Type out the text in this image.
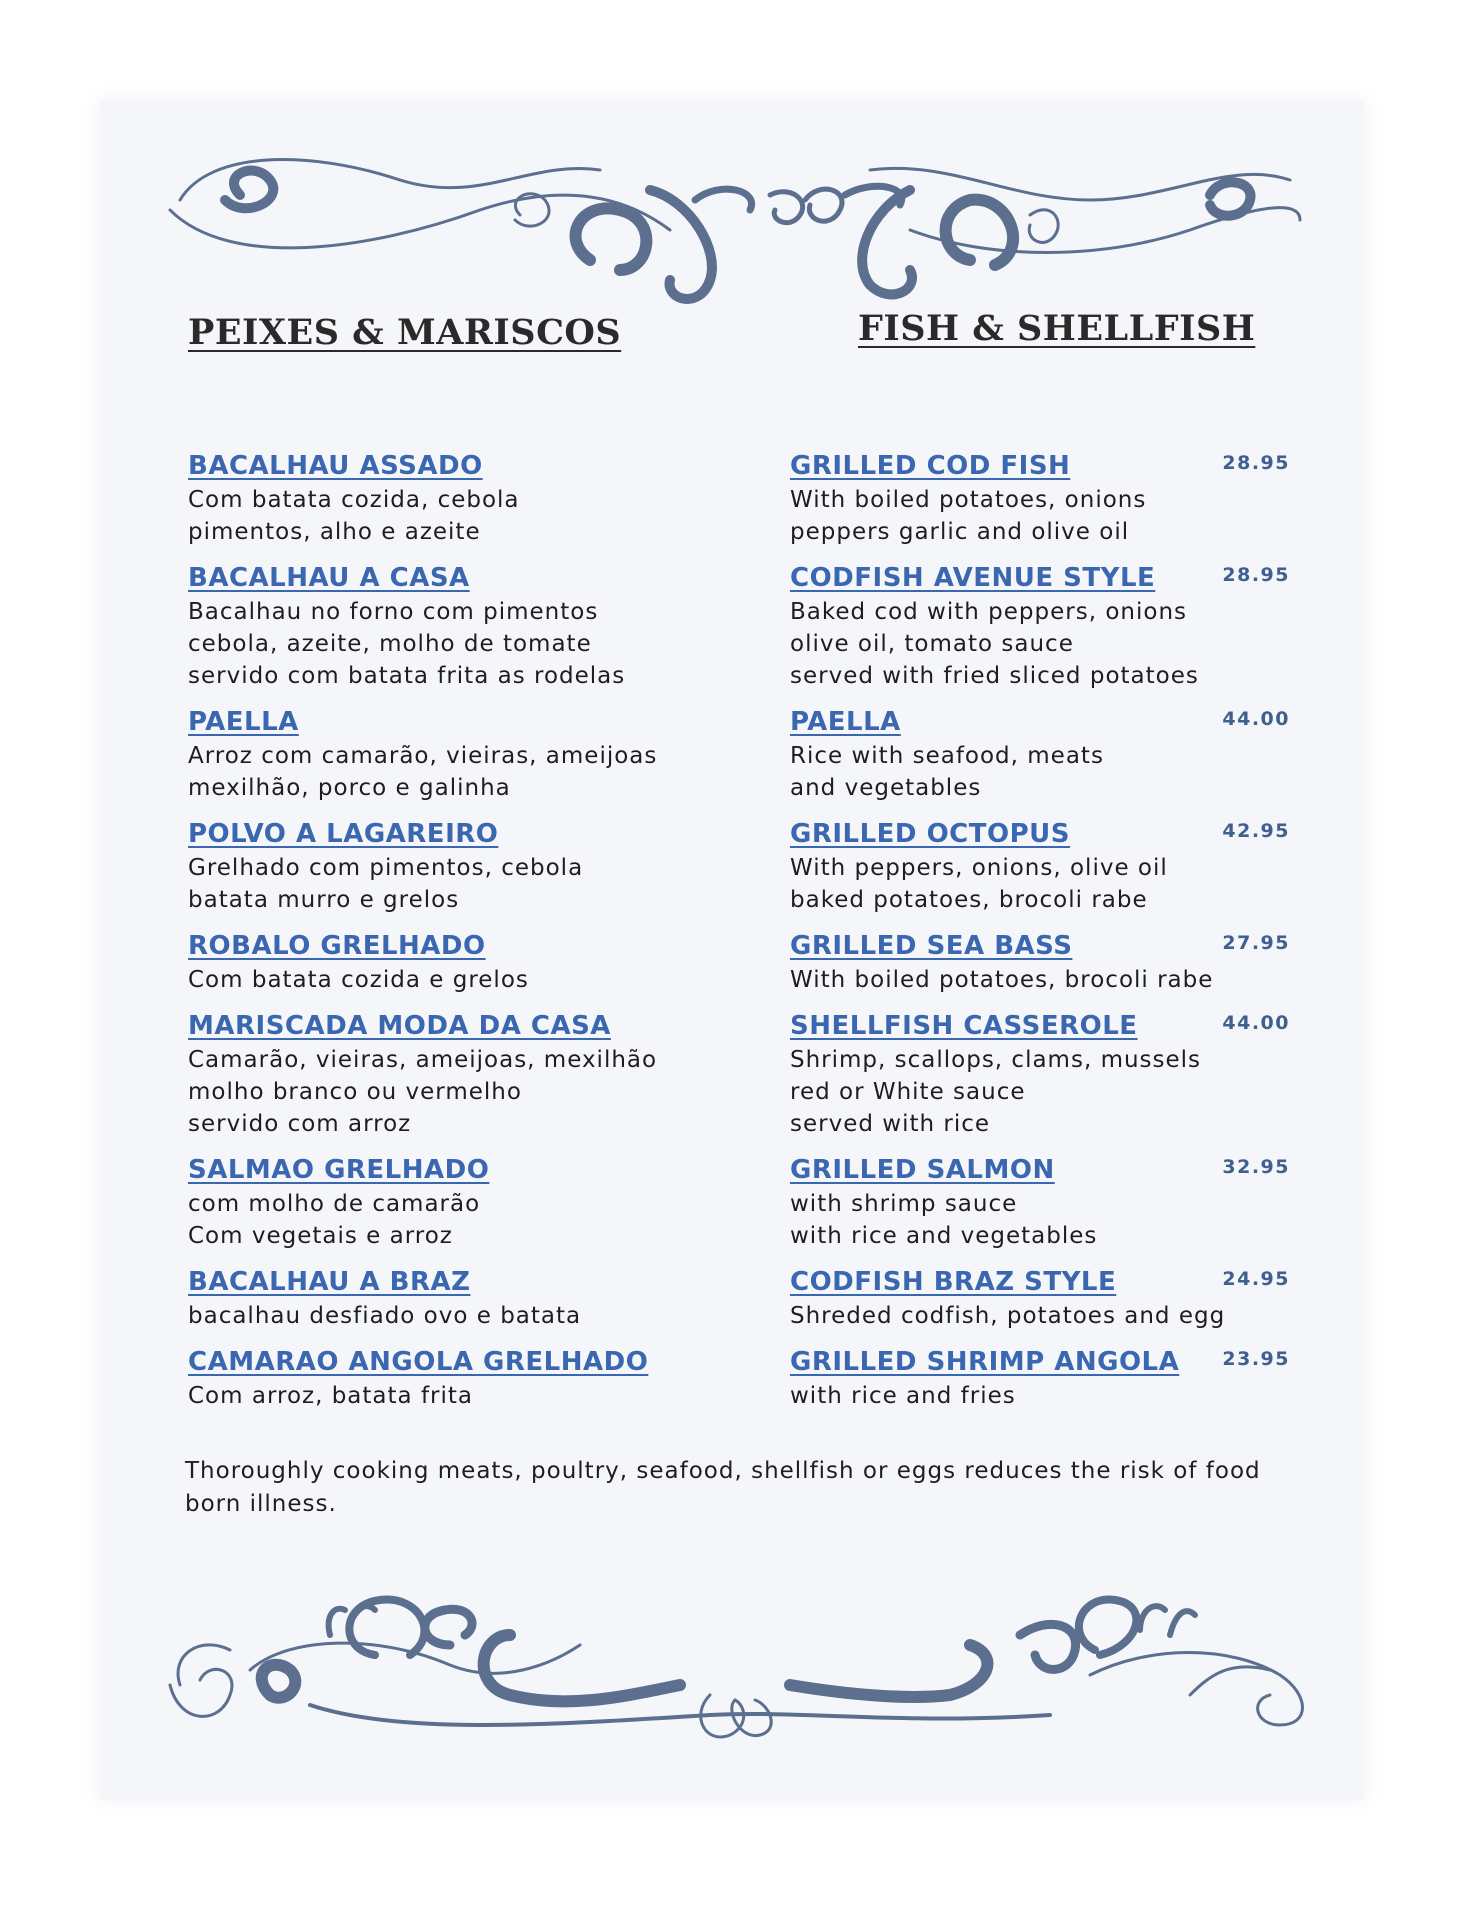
PEIXES & MARISCOS	FISH & SHELLFISH
BACALHAU ASSADO
Com batata cozida, cebola
pimentos, alho e azeite
BACALHAU A CASA
Bacalhau no forno com pimentos
cebola, azeite, molho de tomate
servido com batata frita as rodelas
PAELLA
Arroz com camarão, vieiras, ameijoas
mexilhão, porco e galinha
POLVO A LAGAREIRO
Grelhado com pimentos, cebola
batata murro e grelos
ROBALO GRELHADO
Com batata cozida e grelos
MARISCADA MODA DA CASA
Camarão, vieiras, ameijoas, mexilhão
molho branco ou vermelho
servido com arroz
SALMAO GRELHADO
com molho de camarão
Com vegetais e arroz
BACALHAU A BRAZ
bacalhau desfiado ovo e batata
CAMARAO ANGOLA GRELHADO
Com arroz, batata frita
GRILLED COD FISH	28.95
With boiled potatoes, onions
peppers garlic and olive oil
CODFISH AVENUE STYLE	28.95
Baked cod with peppers, onions
olive oil, tomato sauce
served with fried sliced potatoes
PAELLA	44.00
Rice with seafood, meats
and vegetables
GRILLED OCTOPUS	42.95
With peppers, onions, olive oil
baked potatoes, brocoli rabe
GRILLED SEA BASS	27.95
With boiled potatoes, brocoli rabe
SHELLFISH CASSEROLE	44.00
Shrimp, scallops, clams, mussels
red or White sauce
served with rice
GRILLED SALMON	32.95
with shrimp sauce
with rice and vegetables
CODFISH BRAZ STYLE	24.95
Shreded codfish, potatoes and egg
GRILLED SHRIMP ANGOLA 23.95
with rice and fries
Thoroughly cooking meats, poultry, seafood, shellfish or eggs reduces the risk of food born illness.
